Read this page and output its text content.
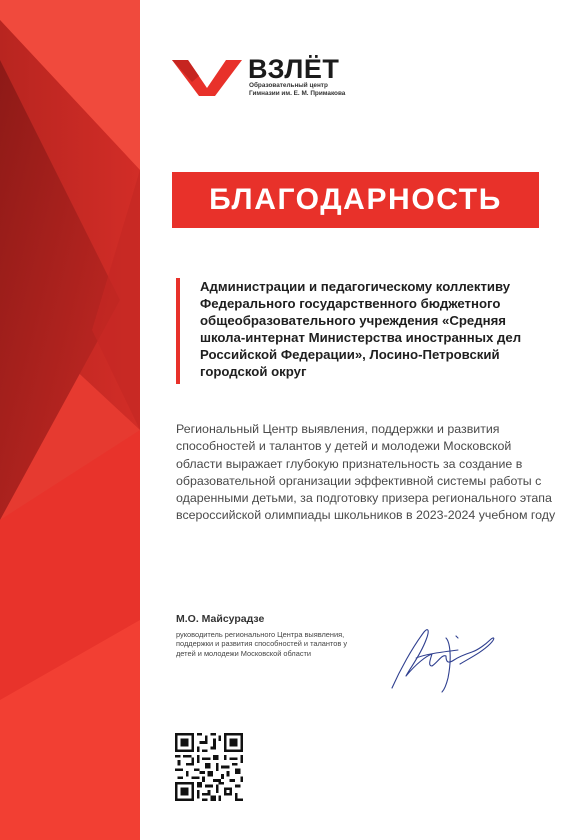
ВЗЛЁТ
Образовательный центр
Гимназии им. Е. М. Примакова
БЛАГОДАРНОСТЬ

Администрации и педагогическому коллективу Федерального государственного бюджетного общеобразовательного учреждения «Средняя школа-интернат Министерства иностранных дел Российской Федерации», Лосино-Петровский городской округ

Региональный Центр выявления, поддержки и развития способностей и талантов у детей и молодежи Московской области выражает глубокую признательность за создание в образовательной организации эффективной системы работы с одаренными детьми, за подготовку призера регионального этапа всероссийской олимпиады школьников в 2023-2024 учебном году

М.О. Майсурадзе
руководитель регионального Центра выявления, поддержки и развития способностей и талантов у детей и молодежи Московской области
